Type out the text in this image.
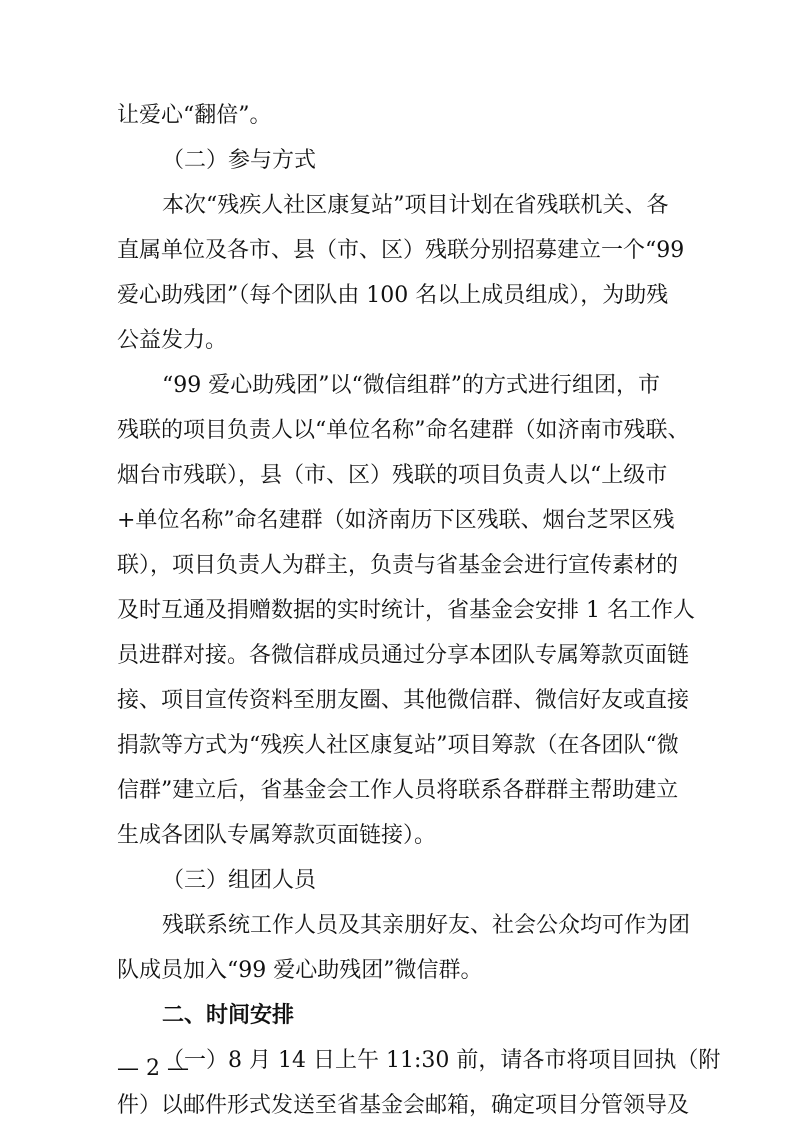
让爱心“翻倍”。
（二）参与方式
本次“残疾人社区康复站”项目计划在省残联机关、各
直属单位及各市、县（市、区）残联分别招募建立一个“99
爱心助残团”（每个团队由 100 名以上成员组成），为助残
公益发力。
“99 爱心助残团”以“微信组群”的方式进行组团，市
残联的项目负责人以“单位名称”命名建群（如济南市残联、
烟台市残联），县（市、区）残联的项目负责人以“上级市
+单位名称”命名建群（如济南历下区残联、烟台芝罘区残
联），项目负责人为群主，负责与省基金会进行宣传素材的
及时互通及捐赠数据的实时统计，省基金会安排 1 名工作人
员进群对接。各微信群成员通过分享本团队专属筹款页面链
接、项目宣传资料至朋友圈、其他微信群、微信好友或直接
捐款等方式为“残疾人社区康复站”项目筹款（在各团队“微
信群”建立后，省基金会工作人员将联系各群群主帮助建立
生成各团队专属筹款页面链接）。
（三）组团人员
残联系统工作人员及其亲朋好友、社会公众均可作为团
队成员加入“99 爱心助残团”微信群。
二、时间安排
（一）8 月 14 日上午 11:30 前，请各市将项目回执（附
件）以邮件形式发送至省基金会邮箱，确定项目分管领导及
— 2 —
